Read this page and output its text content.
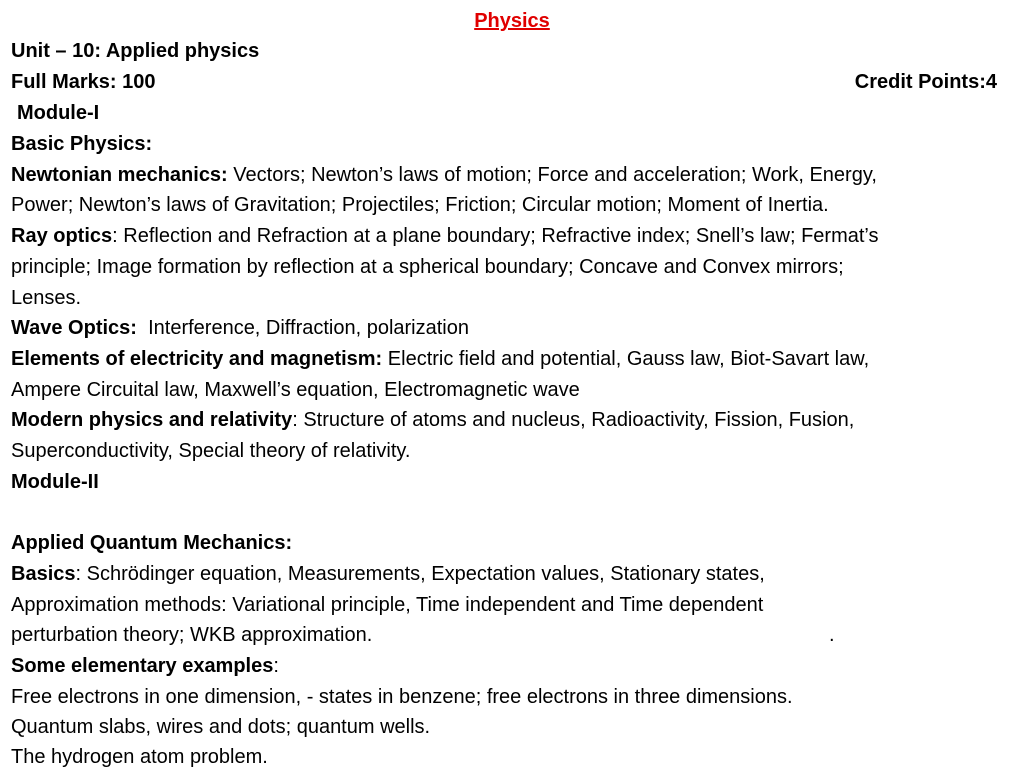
Physics
Unit – 10: Applied physics
Full Marks: 100	Credit Points:4
Module-I
Basic Physics:
Newtonian mechanics: Vectors; Newton’s laws of motion; Force and acceleration; Work, Energy,
Power; Newton’s laws of Gravitation; Projectiles; Friction; Circular motion; Moment of Inertia.
Ray optics: Reflection and Refraction at a plane boundary; Refractive index; Snell’s law; Fermat’s
principle; Image formation by reflection at a spherical boundary; Concave and Convex mirrors;
Lenses.
Wave Optics:  Interference, Diffraction, polarization
Elements of electricity and magnetism: Electric field and potential, Gauss law, Biot-Savart law,
Ampere Circuital law, Maxwell’s equation, Electromagnetic wave
Modern physics and relativity: Structure of atoms and nucleus, Radioactivity, Fission, Fusion,
Superconductivity, Special theory of relativity.
Module-II
Applied Quantum Mechanics:
Basics: Schrödinger equation, Measurements, Expectation values, Stationary states,
Approximation methods: Variational principle, Time independent and Time dependent
perturbation theory; WKB approximation.	.
Some elementary examples:
Free electrons in one dimension, - states in benzene; free electrons in three dimensions.
Quantum slabs, wires and dots; quantum wells.
The hydrogen atom problem.
